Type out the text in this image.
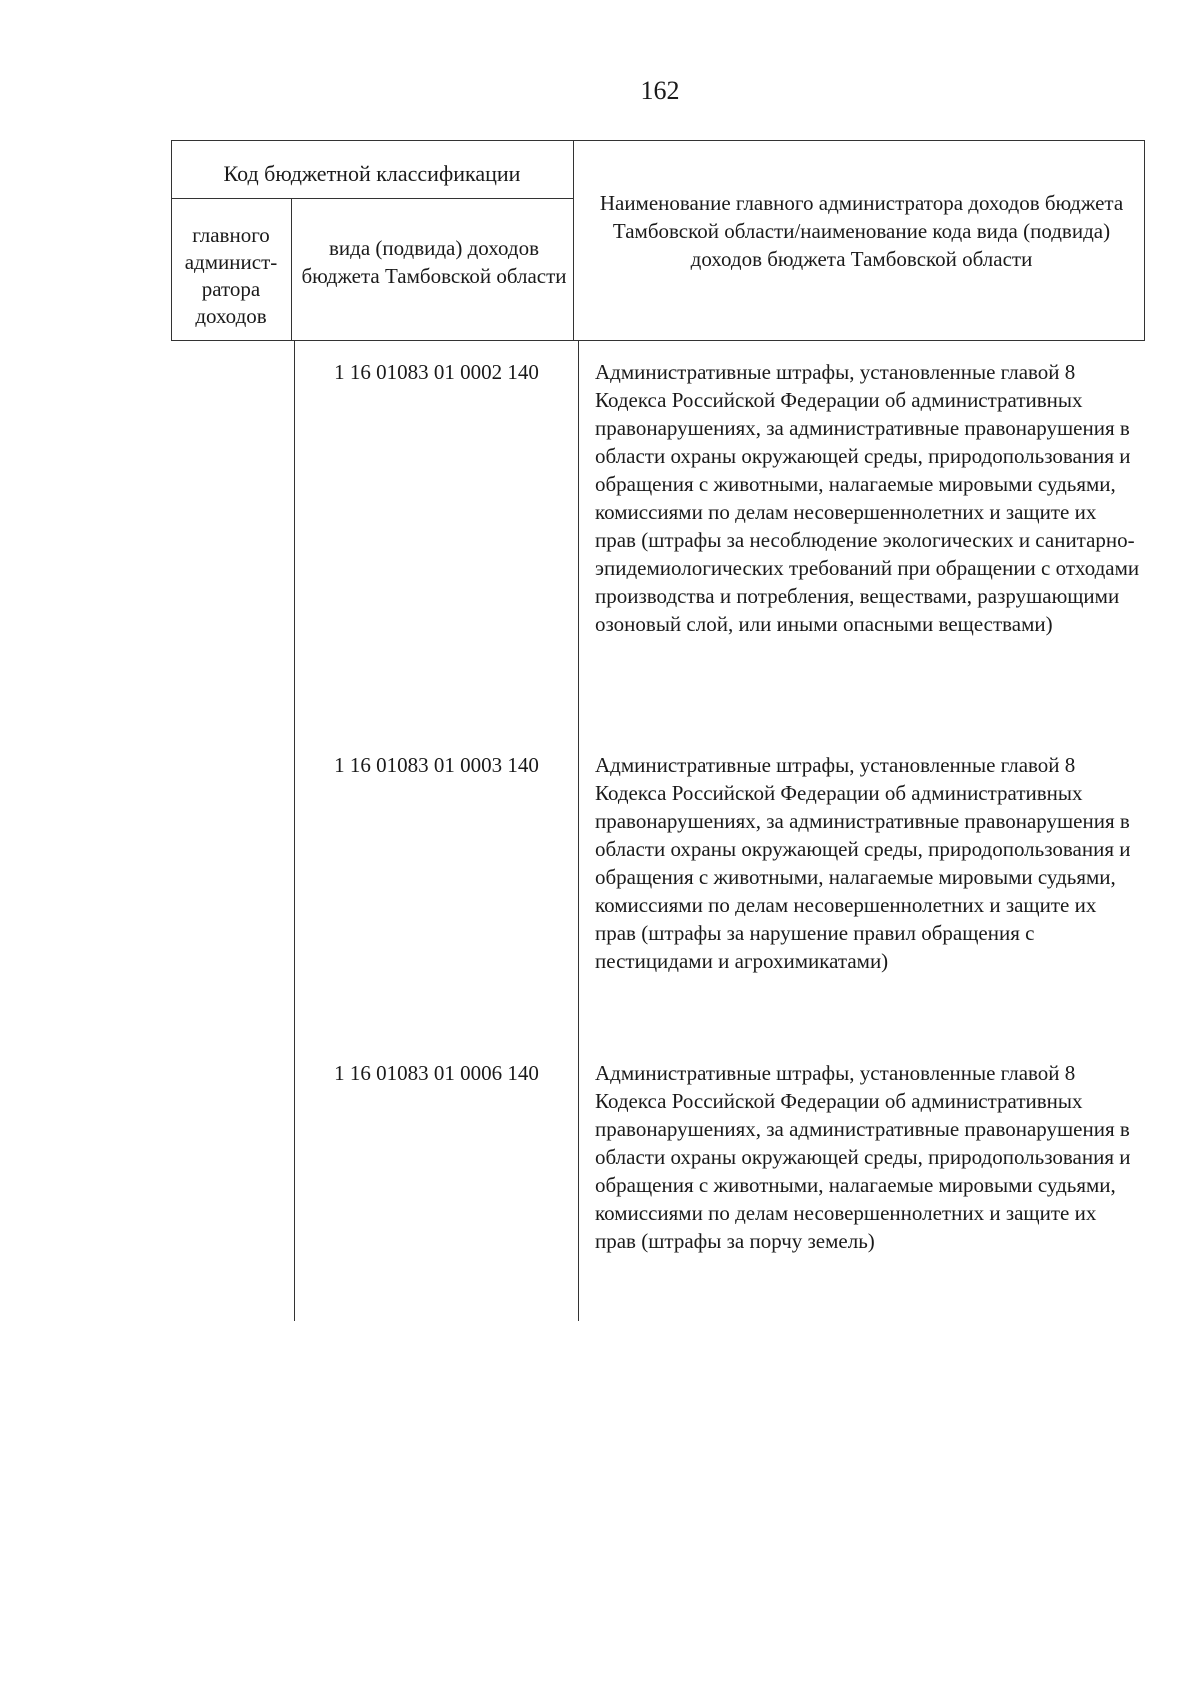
162
Код бюджетной классификации
главного админист-ратора доходов
вида (подвида) доходов бюджета Тамбовской области
Наименование главного администратора доходов бюджета Тамбовской области/наименование кода вида (подвида) доходов бюджета Тамбовской области
1 16 01083 01 0002 140	Административные штрафы, установленные главой 8 Кодекса Российской Федерации об административных правонарушениях, за административные правонарушения в области охраны окружающей среды, природопользования и обращения с животными, налагаемые мировыми судьями, комиссиями по делам несовершеннолетних и защите их прав (штрафы за несоблюдение экологических и санитарно-эпидемиологических требований при обращении с отходами производства и потребления, веществами, разрушающими озоновый слой, или иными опасными веществами)
1 16 01083 01 0003 140	Административные штрафы, установленные главой 8 Кодекса Российской Федерации об административных правонарушениях, за административные правонарушения в области охраны окружающей среды, природопользования и обращения с животными, налагаемые мировыми судьями, комиссиями по делам несовершеннолетних и защите их прав (штрафы за нарушение правил обращения с пестицидами и агрохимикатами)
1 16 01083 01 0006 140	Административные штрафы, установленные главой 8 Кодекса Российской Федерации об административных правонарушениях, за административные правонарушения в области охраны окружающей среды, природопользования и обращения с животными, налагаемые мировыми судьями, комиссиями по делам несовершеннолетних и защите их прав (штрафы за порчу земель)
